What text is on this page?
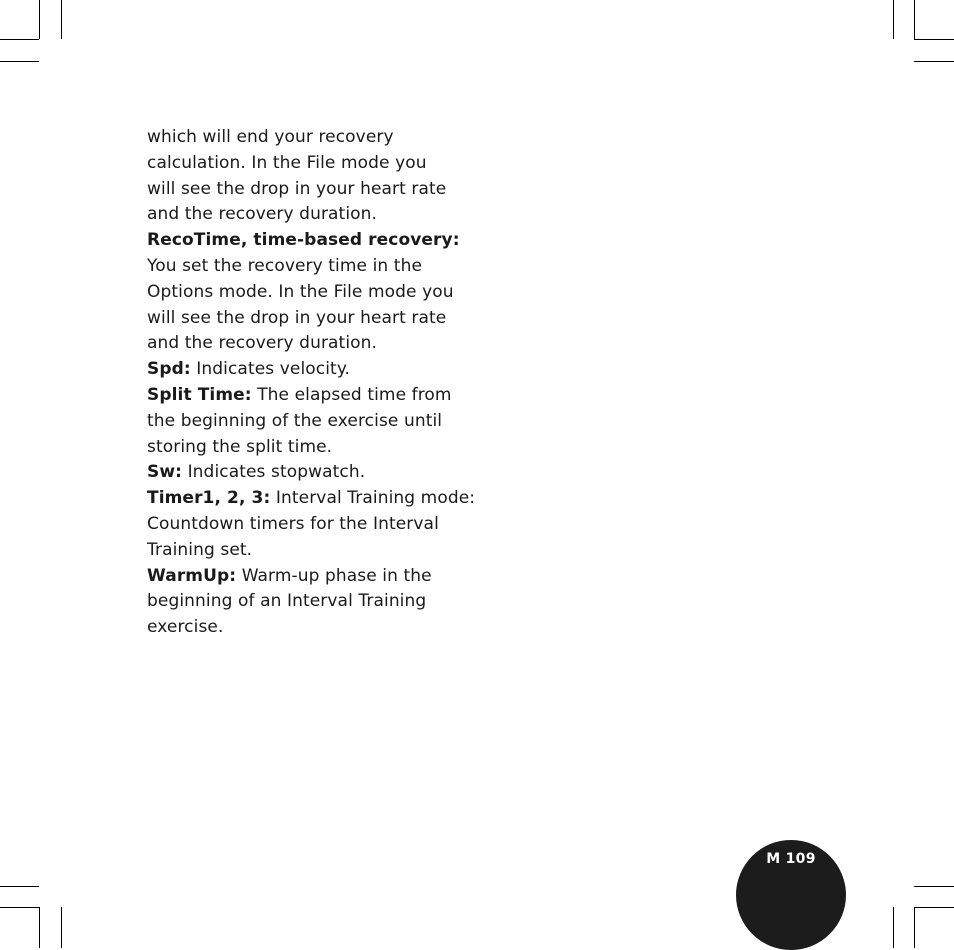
which will end your recovery
calculation. In the File mode you
will see the drop in your heart rate
and the recovery duration.

RecoTime, time-based recovery:
You set the recovery time in the
Options mode. In the File mode you
will see the drop in your heart rate
and the recovery duration.

Spd: Indicates velocity.

Split Time: The elapsed time from
the beginning of the exercise until
storing the split time.

Sw: Indicates stopwatch.

Timer1, 2, 3: Interval Training mode:
Countdown timers for the Interval
Training set.

WarmUp: Warm-up phase in the
beginning of an Interval Training
exercise.

M 109
